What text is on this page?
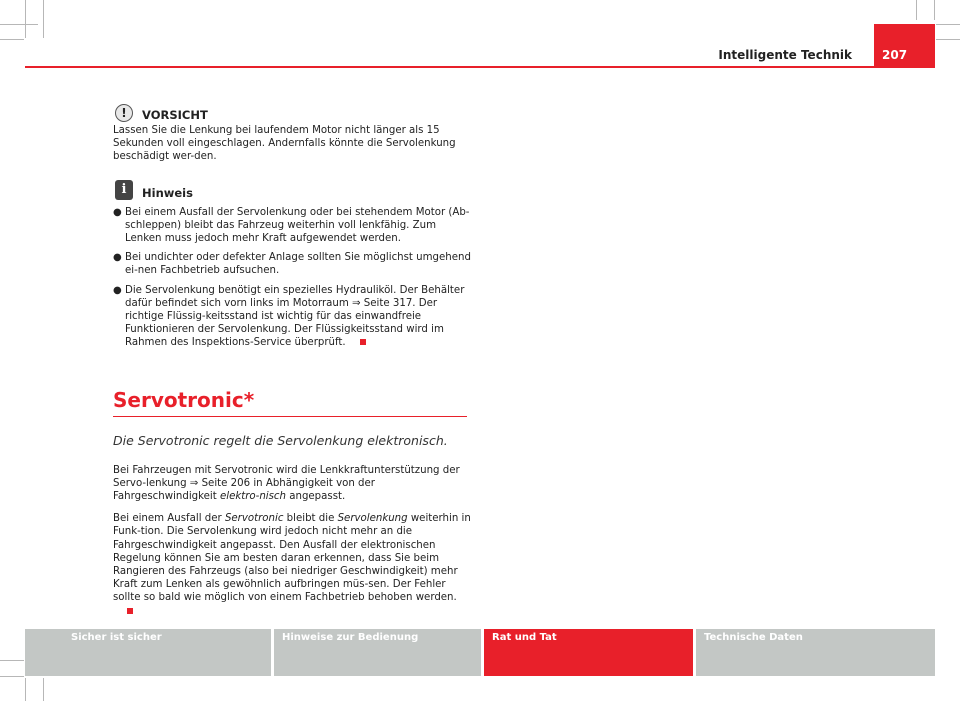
Intelligente Technik	207
!	VORSICHT

Lassen Sie die Lenkung bei laufendem Motor nicht länger als 15 Sekunden voll eingeschlagen. Andernfalls könnte die Servolenkung beschädigt wer-den.

i	Hinweis
● Bei einem Ausfall der Servolenkung oder bei stehendem Motor (Ab-schleppen) bleibt das Fahrzeug weiterhin voll lenkfähig. Zum Lenken muss jedoch mehr Kraft aufgewendet werden.

● Bei undichter oder defekter Anlage sollten Sie möglichst umgehend ei-nen Fachbetrieb aufsuchen.

● Die Servolenkung benötigt ein spezielles Hydrauliköl. Der Behälter dafür befindet sich vorn links im Motorraum ⇒ Seite 317. Der richtige Flüssig-keitsstand ist wichtig für das einwandfreie Funktionieren der Servolenkung. Der Flüssigkeitsstand wird im Rahmen des Inspektions-Service überprüft.

Servotronic*
Die Servotronic regelt die Servolenkung elektronisch.

Bei Fahrzeugen mit Servotronic wird die Lenkkraftunterstützung der Servo-lenkung ⇒ Seite 206 in Abhängigkeit von der Fahrgeschwindigkeit elektro-nisch angepasst.

Bei einem Ausfall der Servotronic bleibt die Servolenkung weiterhin in Funk-tion. Die Servolenkung wird jedoch nicht mehr an die Fahrgeschwindigkeit angepasst. Den Ausfall der elektronischen Regelung können Sie am besten daran erkennen, dass Sie beim Rangieren des Fahrzeugs (also bei niedriger Geschwindigkeit) mehr Kraft zum Lenken als gewöhnlich aufbringen müs-sen. Der Fehler sollte so bald wie möglich von einem Fachbetrieb behoben werden.

Sicher ist sicher	Hinweise zur Bedienung	Rat und Tat	Technische Daten
